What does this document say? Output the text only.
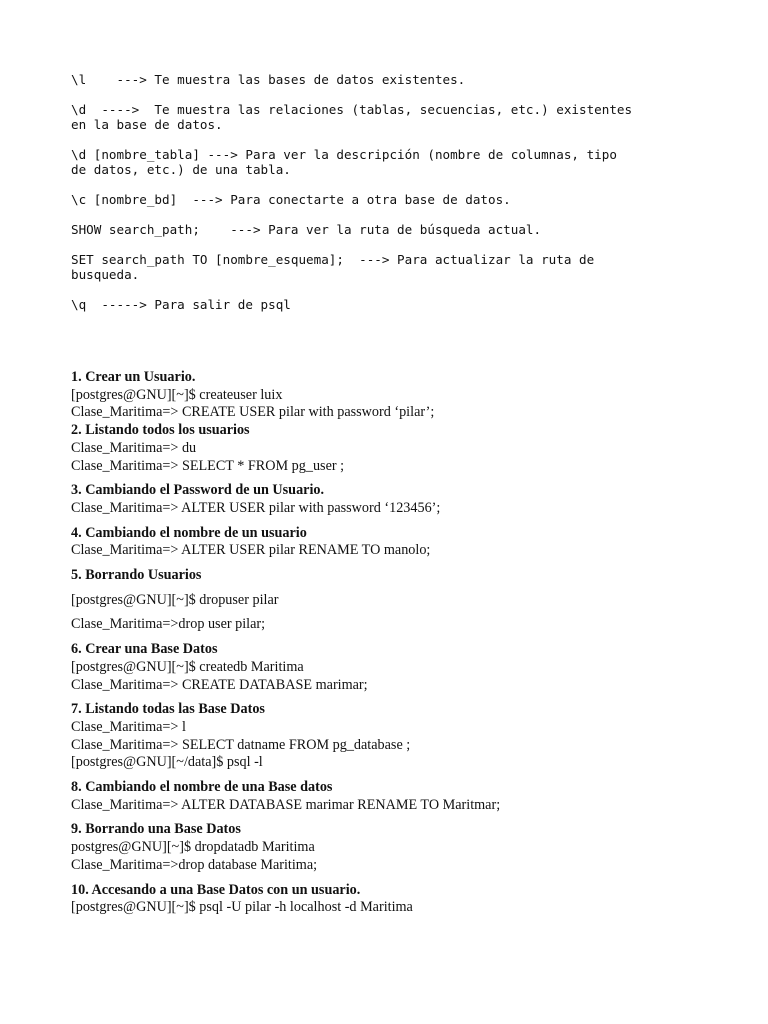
\l    ---> Te muestra las bases de datos existentes.
\d  ---->  Te muestra las relaciones (tablas, secuencias, etc.) existentes
en la base de datos.
\d [nombre_tabla] ---> Para ver la descripción (nombre de columnas, tipo
de datos, etc.) de una tabla.
\c [nombre_bd]  ---> Para conectarte a otra base de datos.
SHOW search_path;    ---> Para ver la ruta de búsqueda actual.
SET search_path TO [nombre_esquema];  ---> Para actualizar la ruta de
busqueda.
\q  -----> Para salir de psql
1. Crear un Usuario.
[postgres@GNU][~]$ createuser luix
Clase_Maritima=> CREATE USER pilar with password ‘pilar’;
2. Listando todos los usuarios
Clase_Maritima=> du
Clase_Maritima=> SELECT * FROM pg_user ;
3. Cambiando el Password de un Usuario.
Clase_Maritima=> ALTER USER pilar with password ‘123456’;
4. Cambiando el nombre de un usuario
Clase_Maritima=> ALTER USER pilar RENAME TO manolo;
5. Borrando Usuarios
[postgres@GNU][~]$ dropuser pilar
Clase_Maritima=>drop user pilar;
6. Crear una Base Datos
[postgres@GNU][~]$ createdb Maritima
Clase_Maritima=> CREATE DATABASE marimar;
7. Listando todas las Base Datos
Clase_Maritima=> l
Clase_Maritima=> SELECT datname FROM pg_database ;
[postgres@GNU][~/data]$ psql -l
8. Cambiando el nombre de una Base datos
Clase_Maritima=> ALTER DATABASE marimar RENAME TO Maritmar;
9. Borrando una Base Datos
postgres@GNU][~]$ dropdatadb Maritima
Clase_Maritima=>drop database Maritima;
10. Accesando a una Base Datos con un usuario.
[postgres@GNU][~]$ psql -U pilar -h localhost -d Maritima
